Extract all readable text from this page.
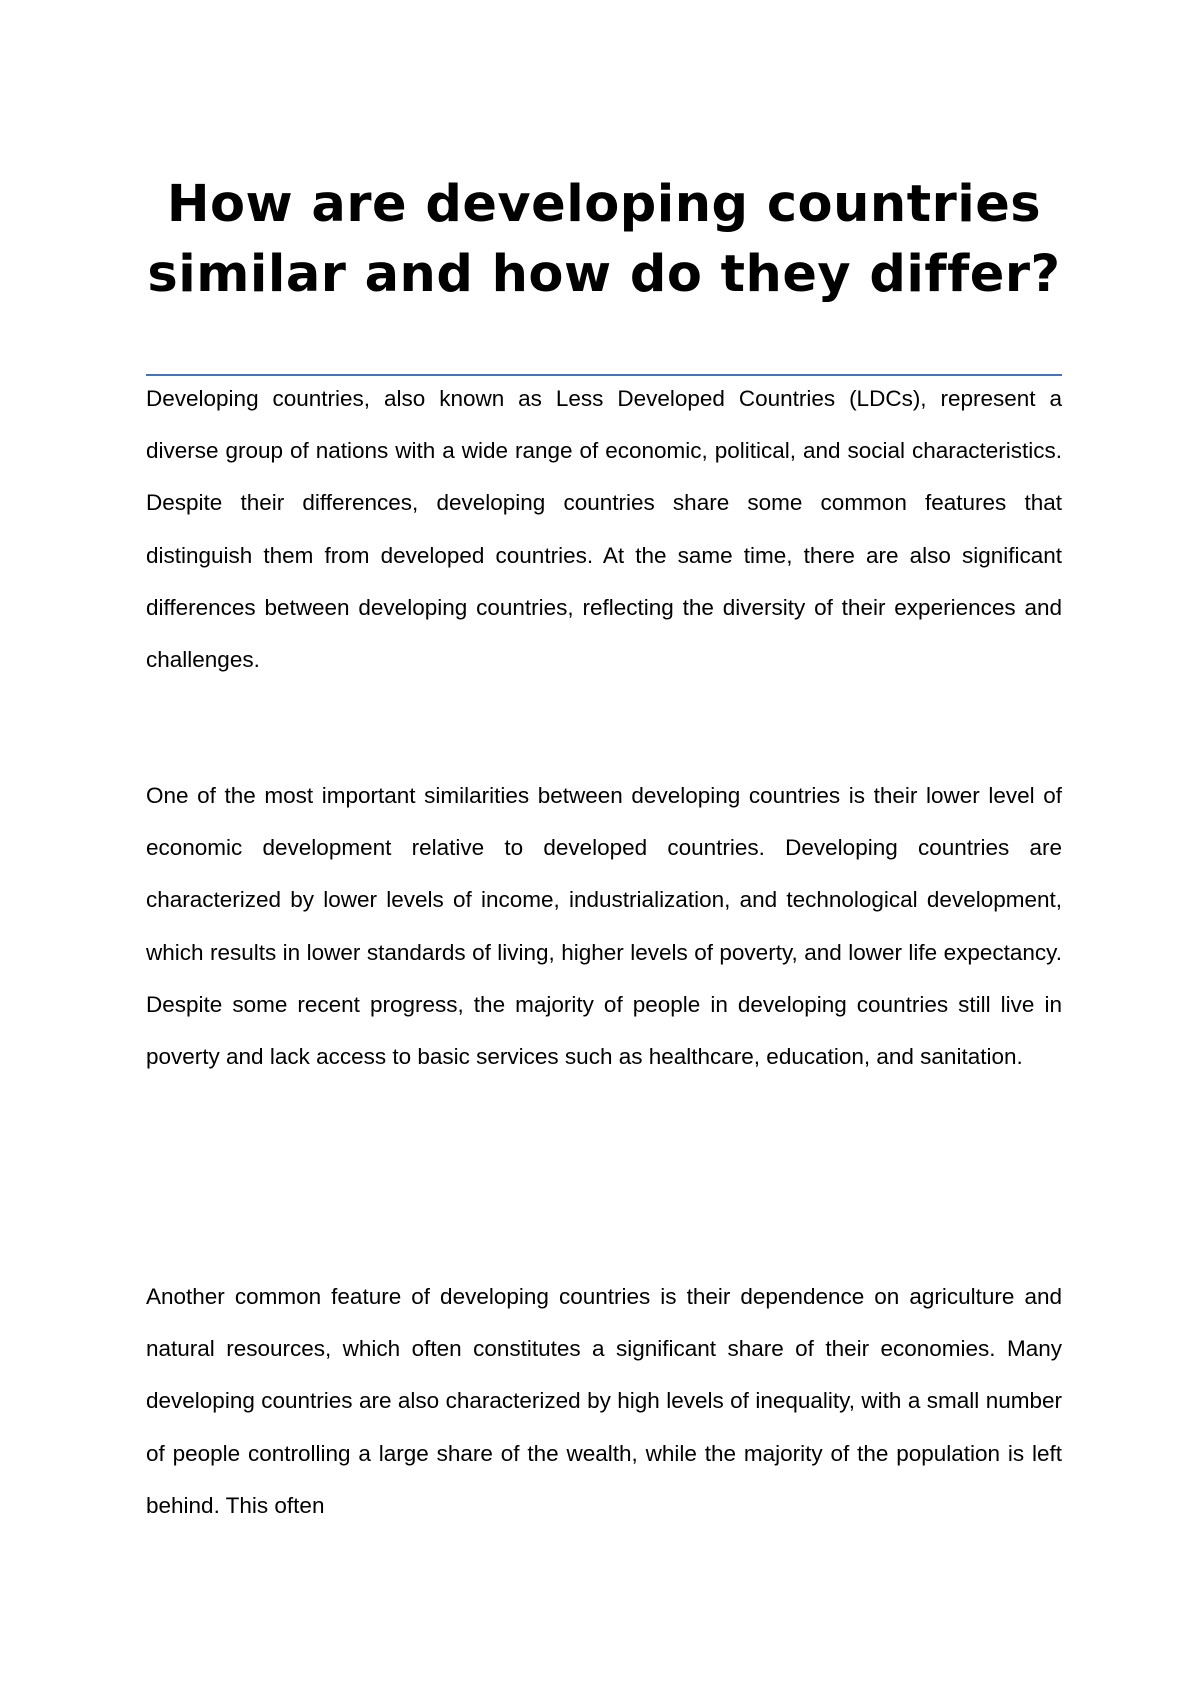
How are developing countries similar and how do they differ?

Developing countries, also known as Less Developed Countries (LDCs), represent a diverse group of nations with a wide range of economic, political, and social characteristics. Despite their differences, developing countries share some common features that distinguish them from developed countries. At the same time, there are also significant differences between developing countries, reflecting the diversity of their experiences and challenges.

One of the most important similarities between developing countries is their lower level of economic development relative to developed countries. Developing countries are characterized by lower levels of income, industrialization, and technological development, which results in lower standards of living, higher levels of poverty, and lower life expectancy. Despite some recent progress, the majority of people in developing countries still live in poverty and lack access to basic services such as healthcare, education, and sanitation.

Another common feature of developing countries is their dependence on agriculture and natural resources, which often constitutes a significant share of their economies. Many developing countries are also characterized by high levels of inequality, with a small number of people controlling a large share of the wealth, while the majority of the population is left behind. This often
